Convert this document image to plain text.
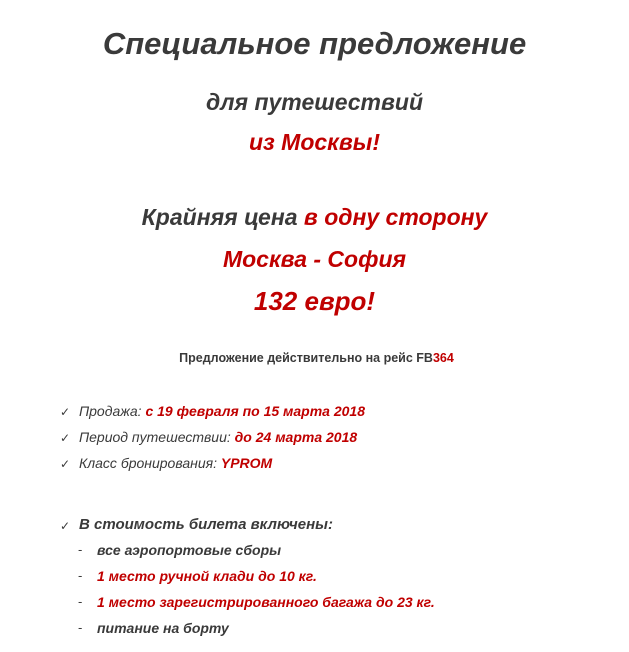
Специальное предложение
для путешествий
из Москвы!
Крайняя цена в одну сторону
Москва - София
132 евро!
Предложение действительно на рейс FB364
✓ Продажа: с 19 февраля по 15 марта 2018
✓ Период путешествии: до 24 марта 2018
✓ Класс бронирования: YPROM
✓ В стоимость билета включены:
- все аэропортовые сборы
- 1 место ручной клади до 10 кг.
- 1 место зарегистрированного багажа до 23 кг.
- питание на борту
